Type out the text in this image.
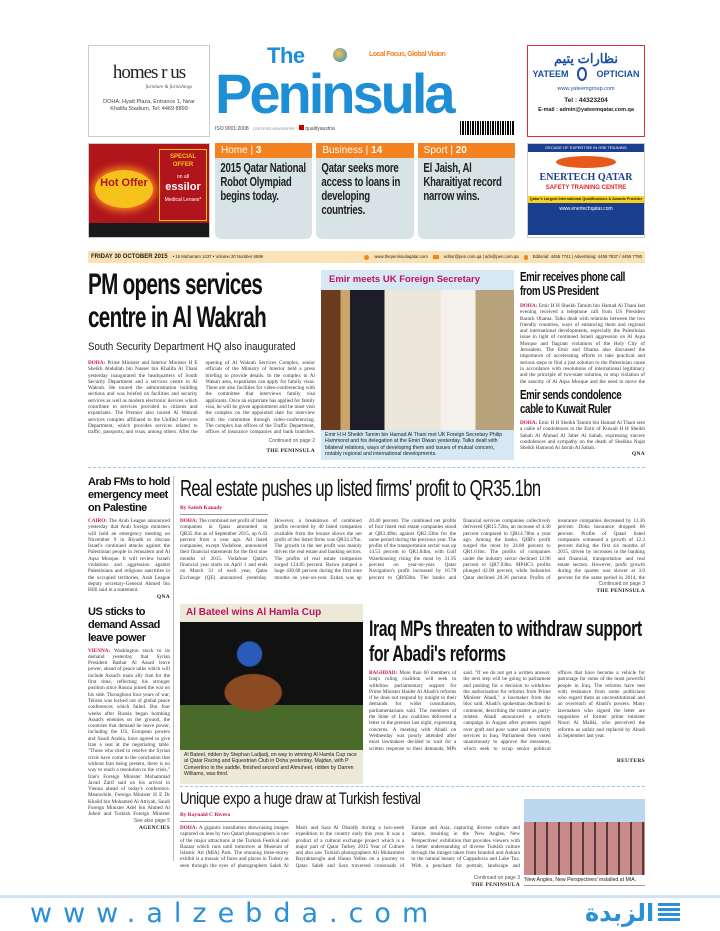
homes r us
furniture & furnishings
DOHA: Hyatt Plaza, Entrance 1, Near Khalifa Stadium, Tel: 4469 8899
The	Local Focus, Global Vision
Peninsula
ISO 9001:2008 CERTIFIED NEWSPAPER qualityaustria
نظارات يتيم
YATEEM	OPTICIAN
www.yateemgroup.com
Tel : 44323204
E-mail : admin@yateemqatar.com.qa
Hot Offer
SPECIAL OFFER
on all
essilor
Medical Lenses*
Home | 3
2015 Qatar National Robot Olympiad begins today.
Business | 14
Qatar seeks more access to loans in developing countries.
Sport | 20
El Jaish, Al Kharaitiyat record narrow wins.
DECADE OF EXPERTISE IN HSE TRAINING
ENERTECH QATAR
SAFETY TRAINING CENTRE
Qatar's Largest International Qualifications & Awards Provider
www.enertechqatar.com
FRIDAY 30 OCTOBER 2015 • 16 Muharram 1437 • Volume 20 Number 6599	www.thepeninsulaqatar.com	editor@pen.com.qa | adv@pen.com.qa	Editorial: 4455 7741 | Advertising: 4455 7837 / 4455 7780
PM opens services centre in Al Wakrah
South Security Department HQ also inaugurated
DOHA: Prime Minister and Interior Minister H E Sheikh Abdullah bin Nasser bin Khalifa Al Thani yesterday inaugurated the headquarters of South Security Department and a services centre in Al Wakrah. He toured the administration building sections and was briefed on facilities and security services as well as modern electronic devices which contribute to services provided to citizens and expatriates. The Premier also toured Al Wakrah services complex affiliated to the Unified Services Department, which provides services related to traffic, passports, and visas, among others. After the opening of Al Wakrah Services Complex, senior officials of the Ministry of Interior held a press briefing to provide details. In the complex in Al Wakair area, expatriates can apply for family visas. There are also facilities for video-conferencing with the committee that interviews family visa applicants. Once an expatriate has applied for family visa, he will be given appointment and he must visit the complex on the appointed date for interview with the committee through video-conferencing. The complex has offices of the Traffic Department, offices of insurance companies and bank branches.
Continued on page 2
THE PENINSULA
Emir meets UK Foreign Secretary
Emir H H Sheikh Tamim bin Hamad Al Thani met UK Foreign Secretary Philip Hammond and his delegation at the Emiri Diwan yesterday. Talks dealt with bilateral relations, ways of developing them and issues of mutual concern, notably regional and international developments.
Emir receives phone call from US President
DOHA: Emir H H Sheikh Tamim bin Hamad Al Thani last evening received a telephone call from US President Barack Obama. Talks dealt with relations between the two friendly countries, ways of enhancing them and regional and international developments, especially the Palestinian issue in light of continued Israeli aggression on Al Aqsa Mosque and flagrant violations of the Holy City of Jerusalem. The Emir and Obama also discussed the importance of accelerating efforts to take practical and serious steps to find a just solution to the Palestinian cause in accordance with resolutions of international legitimacy and the principle of two-state solution, to stop violation of the sanctity of Al Aqsa Mosque and the need to move the
Emir sends condolence cable to Kuwait Ruler
DOHA: Emir H H Sheikh Tamim bin Hamad Al Thani sent a cable of condolences to the Emir of Kuwait H H Sheikh Sabah Al Ahmad Al Jaber Al Sabah, expressing sincere condolences and sympathy on the death of Sheikha Najat Sheikh Hamoud Al Jarrah Al Sabah.
QNA
Arab FMs to hold emergency meet on Palestine
CAIRO: The Arab League announced yesterday that Arab foreign ministers will hold an emergency meeting on November 9 in Riyadh to discuss Israel's continued attacks against the Palestinian people in Jerusalem and Al Aqsa Mosque. It will review Israeli violations and aggression against Palestinians and religious sanctities in the occupied territories, Arab League deputy secretary-General Ahmed bin Hilli said in a statement.
QNA
US sticks to demand Assad leave power
VIENNA: Washington stuck to its demand yesterday that Syrian President Bashar Al Assad leave power, ahead of peace talks which will include Assad's main ally Iran for the first time, reflecting his stronger position since Russia joined the war on his side. Throughout four years of war, Tehran was locked out of global peace conferences which failed. But four weeks after Russia began bombing Assad's enemies on the ground, the countries that demand he leave power, including the US, European powers and Saudi Arabia, have agreed to give Iran a seat at the negotiating table. "Those who tried to resolve the Syrian crisis have come to the conclusion that without Iran being present, there is no way to reach a resolution to the crisis," Iran's Foreign Minister Mohammad Javad Zarif said on his arrival in Vienna ahead of today's conference. Meanwhile, Foreign Minister H E Dr Khalid bin Mohamed Al Attiyah, Saudi Foreign Minister Adel bin Ahmed Al Jubeir and Turkish Foreign Minister
See also page 5
AGENCIES
Real estate pushes up listed firms' profit to QR35.1bn
By Satish Kanady
DOHA: The combined net profit of listed companies in Qatar amounted to QR35.1bn as of September 2015, up 6.43 percent from a year ago. All listed companies, except Vodafone, announced their financial statements for the first nine months of 2015. Vodafone Qatar's financial year starts on April 1 and ends on March 31 of each year, Qatar Exchange (QE) announced yesterday. However, a breakdown of combined profits recorded by 40 listed companies available from the bourse shows the net profit of the listed firms was QR34.37bn. The growth in the net profit was mainly driven the real estate and banking sectors. The profits of real estate companies surged 124.85 percent. Barwa jumped a huge 430.68 percent during the first nine months on year-on-year. Ezdan was up 20.40 percent. The combined net profits of four listed real estate companies stood at QR3.49bn against QR2.33bn for the same period during the previous year. The profits of the transportation sector was up 14.53 percent to QR1.84bn, with Gulf Warehousing rising the most by 31.95 percent on year-on-year. Qatar Navigation's profit increased by 16.78 percent to QR958m. The banks and financial services companies collectively delivered QR15.72bn, an increase of 4.30 percent compared to QR14.78bn a year ago. Among the banks, QIIB's profit surged the most by 24.80 percent to QR1.61bn. The profits of companies under the industry sector declined 12.96 percent to QR7.93bn. MPHC's profits plunged 42.90 percent, while Industries Qatar declined 28.36 percent. Profits of insurance companies decreased by 13.36 percent. Doha Insurance dropped 66 percent. Profits of Qatari listed companies witnessed a growth of 12.3 percent during the first six months of 2015, driven by increases in the banking and financial, transportation and real estate sectors. However, profit growth during the quarter was slower at 3.0 percent for the same period in 2014, the
Continued on page 3
THE PENINSULA
Al Bateel wins Al Hamla Cup
Al Bateel, ridden by Stephan Ladjadj, on way to winning Al Hamla Cup race at Qatar Racing and Equestrian Club in Doha yesterday. Majdan, with P Convertino in the saddle, finished second and Almuheet, ridden by Darren Williams, was third.
Iraq MPs threaten to withdraw support for Abadi's reforms
BAGHDAD: More than 60 members of Iraq's ruling coalition will seek to withdraw parliamentary support for Prime Minister Haider Al Abadi's reforms if he does not respond by tonight to their demands for wider consultation, parliamentarians said. The members of the State of Law coalition delivered a letter to the premier last night, expressing concerns. A meeting with Abadi on Wednesday was poorly attended after most lawmakers decided to wait for a written response to their demands, MPs said. "If we do not get a written answer, the next step will be going to parliament and pushing for a decision to withdraw the authorisation for reforms from Prime Minister Abadi," a lawmaker from the bloc said. Abadi's spokesman declined to comment, describing the matter as party-related. Abadi announced a reform campaign in August after protests raged over graft and poor water and electricity services in Iraq. Parliament then voted unanimously to approve the measures, which seek to scrap senior political offices that have become a vehicle for patronage for some of the most powerful people in Iraq. The reforms have met with resistance from some politicians who regard them as unconstitutional and an overreach of Abadi's powers. Many lawmakers who signed the letter are supporters of former prime minister Nouri Al Maliki, who perceived the reforms as unfair and replaced by Abadi in September last year.
REUTERS
Unique expo a huge draw at Turkish festival
By Raynald C Rivera
DOHA: A gigantic installation showcasing images captured on lens by two Qatari photographers is one of the major attractions at the Turkish Festival and Bazaar which runs until tomorrow at Museum of Islamic Art (MIA) Park. The stunning three-storey exhibit is a mosaic of faces and places in Turkey as seen through the eyes of photographers Saleh Al Marri and Sara Al Obaidly during a two-week expedition to the country early this year. It was a product of a cultural exchange project which is a major part of Qatar Turkey 2015 Year of Culture and also saw Turkish photographers Ali Muhammet Bayraktaroglu and Hasan Yellen on a journey to Qatar. Saleh and Sara traversed crossroads of Europe and Asia, capturing diverse culture and nature, resulting in the 'New Angles, New Perspectives' exhibition that provides viewers with a better understanding of diverse Turkish culture through the images taken from Istanbul and Ankara to the natural beauty of Cappadocia and Lake Tuz. With a penchant for portrait, landscape and
Continued on page 3
THE PENINSULA
'New Angles, New Perspectives' installed at MIA.
www.alzebda.com	الزبدة
